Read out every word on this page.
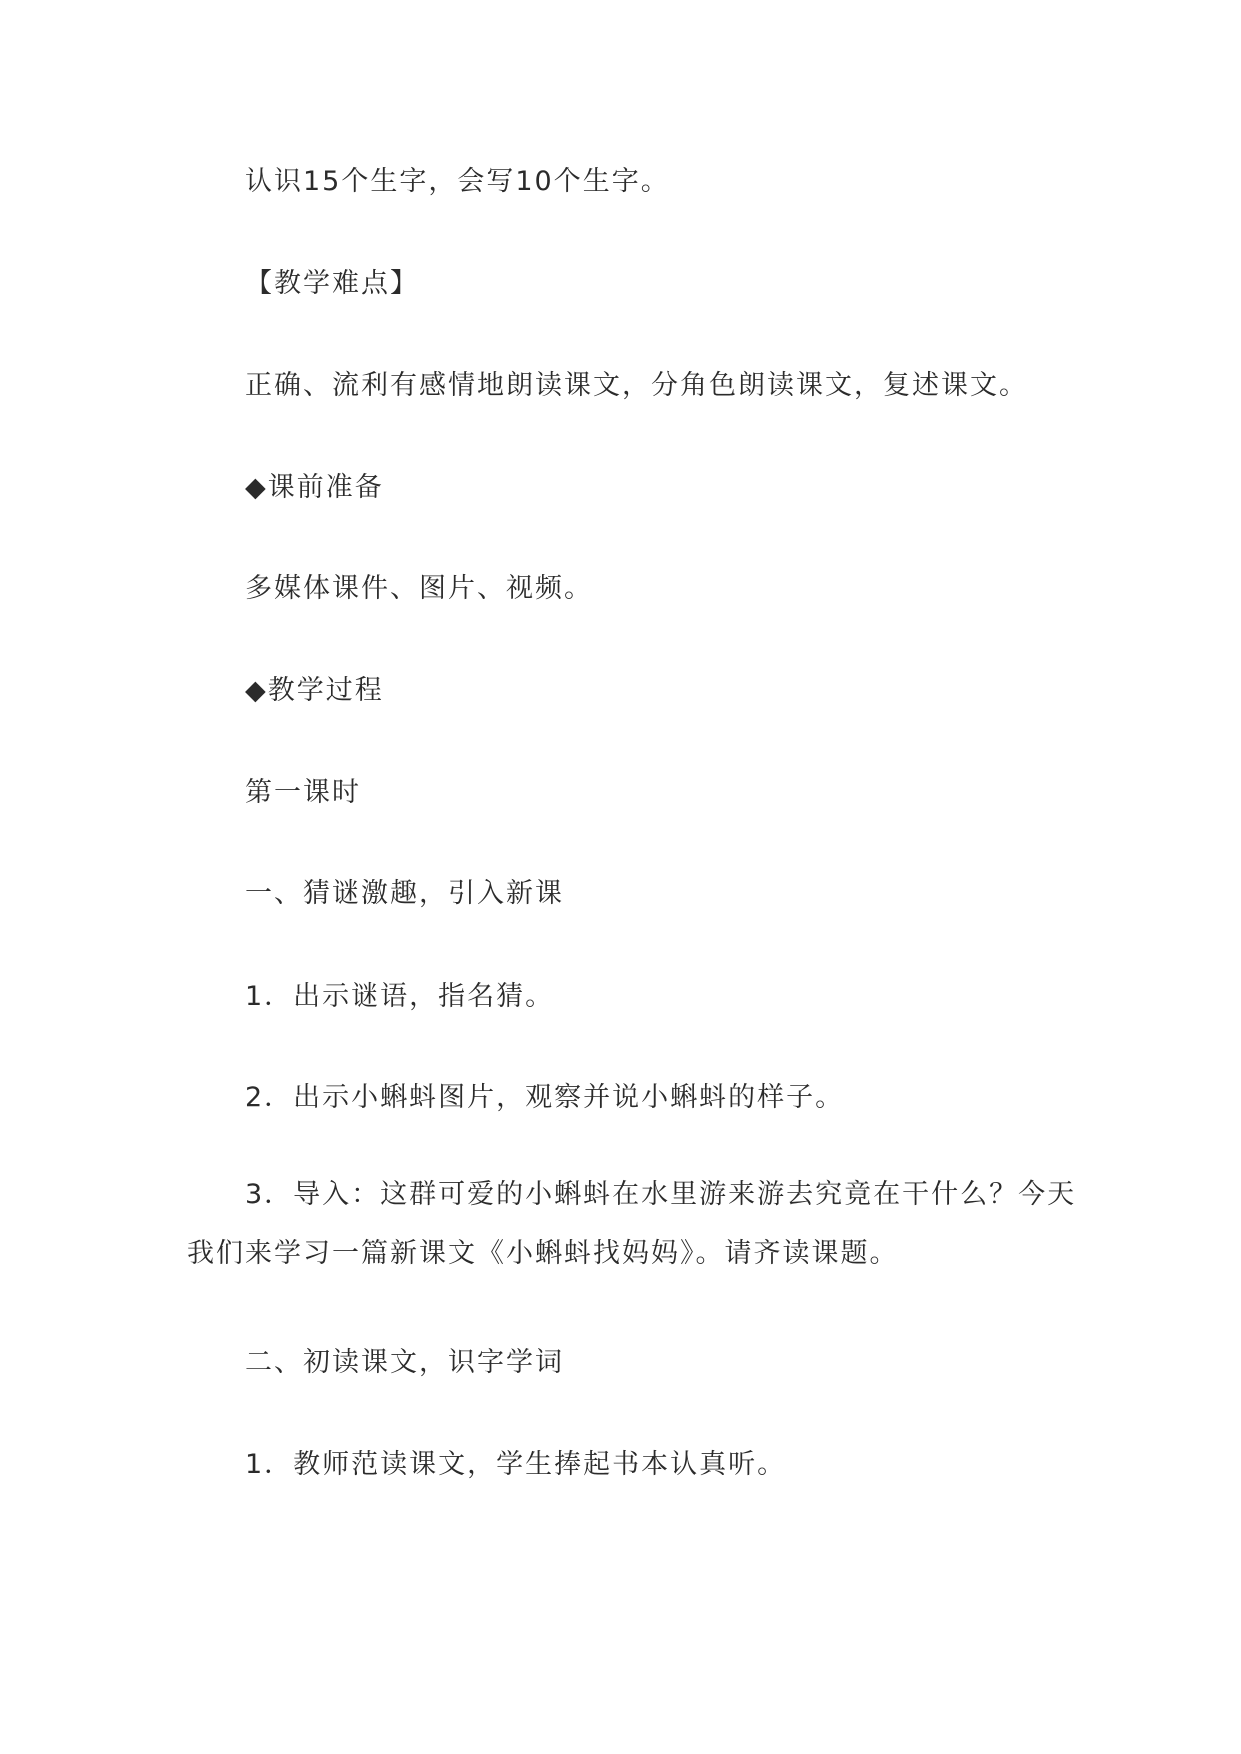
认识15个生字，会写10个生字。

【教学难点】

正确、流利有感情地朗读课文，分角色朗读课文，复述课文。

◆课前准备

多媒体课件、图片、视频。

◆教学过程

第一课时

一、猜谜激趣，引入新课

1．出示谜语，指名猜。

2．出示小蝌蚪图片，观察并说小蝌蚪的样子。

3．导入：这群可爱的小蝌蚪在水里游来游去究竟在干什么？今天我们来学习一篇新课文《小蝌蚪找妈妈》。请齐读课题。

二、初读课文，识字学词

1．教师范读课文，学生捧起书本认真听。
